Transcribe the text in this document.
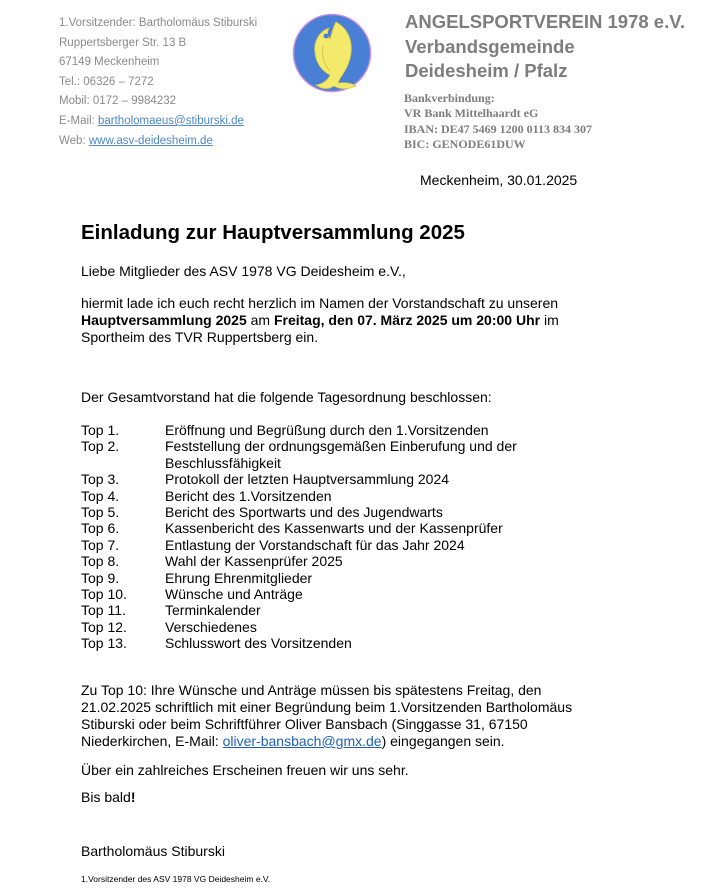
1.Vorsitzender: Bartholomäus Stiburski
Ruppertsberger Str. 13 B
67149 Meckenheim
Tel.: 06326 – 7272
Mobil: 0172 – 9984232
E-Mail: bartholomaeus@stiburski.de
Web: www.asv-deidesheim.de
ANGELSPORTVEREIN 1978 e.V.
Verbandsgemeinde
Deidesheim / Pfalz
Bankverbindung:
VR Bank Mittelhaardt eG
IBAN: DE47 5469 1200 0113 834 307
BIC: GENODE61DUW
Meckenheim, 30.01.2025
Einladung zur Hauptversammlung 2025
Liebe Mitglieder des ASV 1978 VG Deidesheim e.V.,
hiermit lade ich euch recht herzlich im Namen der Vorstandschaft zu unseren
Hauptversammlung 2025 am Freitag, den 07. März 2025 um 20:00 Uhr im
Sportheim des TVR Ruppertsberg ein.
Der Gesamtvorstand hat die folgende Tagesordnung beschlossen:
Top 1.	Eröffnung und Begrüßung durch den 1.Vorsitzenden
Top 2.	Feststellung der ordnungsgemäßen Einberufung und der
Beschlussfähigkeit
Top 3.	Protokoll der letzten Hauptversammlung 2024
Top 4.	Bericht des 1.Vorsitzenden
Top 5.	Bericht des Sportwarts und des Jugendwarts
Top 6.	Kassenbericht des Kassenwarts und der Kassenprüfer
Top 7.	Entlastung der Vorstandschaft für das Jahr 2024
Top 8.	Wahl der Kassenprüfer 2025
Top 9.	Ehrung Ehrenmitglieder
Top 10.	Wünsche und Anträge
Top 11.	Terminkalender
Top 12.	Verschiedenes
Top 13.	Schlusswort des Vorsitzenden
Zu Top 10: Ihre Wünsche und Anträge müssen bis spätestens Freitag, den
21.02.2025 schriftlich mit einer Begründung beim 1.Vorsitzenden Bartholomäus
Stiburski oder beim Schriftführer Oliver Bansbach (Singgasse 31, 67150
Niederkirchen, E-Mail: oliver-bansbach@gmx.de) eingegangen sein.
Über ein zahlreiches Erscheinen freuen wir uns sehr.
Bis bald!
Bartholomäus Stiburski
1.Vorsitzender des ASV 1978 VG Deidesheim e.V.
